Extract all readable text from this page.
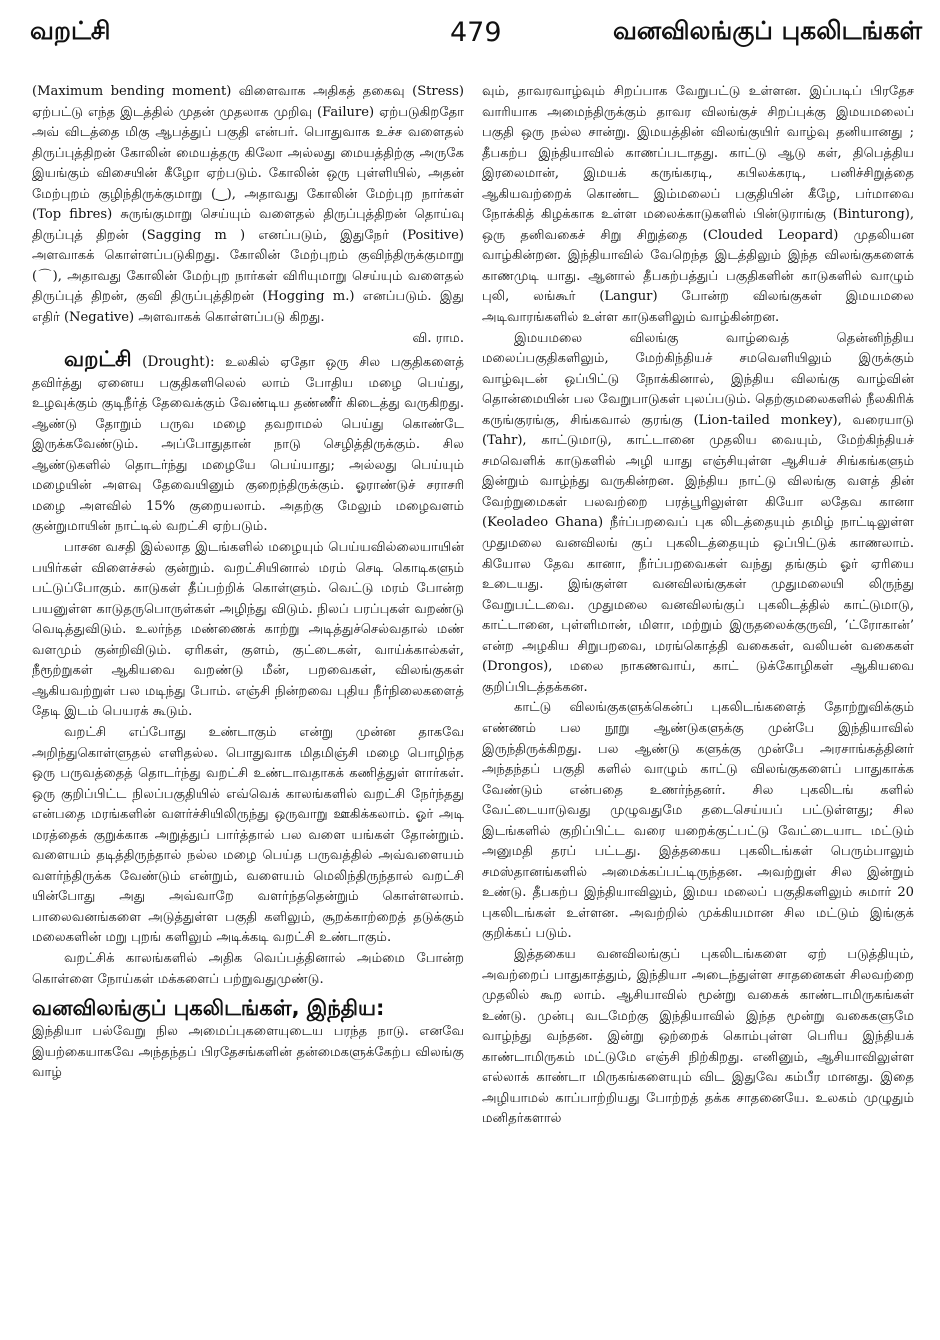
வறட்சி	479	வனவிலங்குப் புகலிடங்கள்

(Maximum bending moment) விளைவாக அதிகத் தகைவு (Stress) ஏற்பட்டு எந்த இடத்தில் முதன் முதலாக முறிவு (Failure) ஏற்படுகிறதோ அவ் விடத்தை மிகு ஆபத்துப் பகுதி என்பர். பொதுவாக உச்ச வளைதல் திருப்புத்திறன் கோலின் மையத்தரு கிலோ அல்லது மையத்திற்கு அருகே இயங்கும் விசையின் கீழோ ஏற்படும். கோலின் ஒரு புள்ளியில், அதன் மேற்புறம் குழிந்திருக்குமாறு (‿), அதாவது கோலின் மேற்புற நார்கள் (Top fibres) சுருங்குமாறு செய்யும் வளைதல் திருப்புத்திறன் தொய்வு திருப்புத் திறன் (Sagging m ) எனப்படும், இதுநேர் (Positive) அளவாகக் கொள்ளப்படுகிறது. கோலின் மேற்புறம் குவிந்திருக்குமாறு (⌒), அதாவது கோலின் மேற்புற நார்கள் விரியுமாறு செய்யும் வளைதல் திருப்புத் திறன், குவி திருப்புத்திறன் (Hogging m.) எனப்படும். இது எதிர் (Negative) அளவாகக் கொள்ளப்படு கிறது.

வி. ராம.

வறட்சி (Drought): உலகில் ஏதோ ஒரு சில பகுதிகளைத் தவிர்த்து ஏனைய பகுதிகளிலெல் லாம் போதிய மழை பெய்து, உழவுக்கும் குடிநீர்த் தேவைக்கும் வேண்டிய தண்ணீர் கிடைத்து வருகிறது. ஆண்டு தோறும் பருவ மழை தவறாமல் பெய்து கொண்டே இருக்கவேண்டும். அப்போதுதான் நாடு செழித்திருக்கும். சில ஆண்டுகளில் தொடர்ந்து மழையே பெய்யாது; அல்லது பெய்யும் மழையின் அளவு தேவையினும் குறைந்திருக்கும். ஓராண்டுச் சராசரி மழை அளவில் 15% குறையலாம். அதற்கு மேலும் மழைவளம் குன்றுமாயின் நாட்டில் வறட்சி ஏற்படும்.

பாசன வசதி இல்லாத இடங்களில் மழையும் பெய்யவில்லையாயின் பயிர்கள் விளைச்சல் குன்றும். வறட்சியினால் மரம் செடி கொடிகளும் பட்டுப்போகும். காடுகள் தீப்பற்றிக் கொள்ளும். வெட்டு மரம் போன்ற பயனுள்ள காடுதருபொருள்கள் அழிந்து விடும். நிலப் பரப்புகள் வறண்டு வெடித்துவிடும். உலர்ந்த மண்ணைக் காற்று அடித்துச்செல்வதால் மண் வளமும் குன்றிவிடும். ஏரிகள், குளம், குட்டைகள், வாய்க்கால்கள், நீரூற்றுகள் ஆகியவை வறண்டு மீன், பறவைகள், விலங்குகள் ஆகியவற்றுள் பல மடிந்து போம். எஞ்சி நின்றவை புதிய நீர்நிலைகளைத் தேடி இடம் பெயரக் கூடும்.

வறட்சி எப்போது உண்டாகும் என்று முன்ன தாகவே அறிந்துகொள்ளுதல் எளிதல்ல. பொதுவாக மிதமிஞ்சி மழை பொழிந்த ஒரு பருவத்தைத் தொடர்ந்து வறட்சி உண்டாவதாகக் கணித்துள் ளார்கள். ஒரு குறிப்பிட்ட நிலப்பகுதியில் எவ்வெக் காலங்களில் வறட்சி நேர்ந்தது என்பதை மரங்களின் வளர்ச்சியிலிருந்து ஒருவாறு ஊகிக்கலாம். ஓர் அடி மரத்தைக் குறுக்காக அறுத்துப் பார்த்தால் பல வளை யங்கள் தோன்றும். வளையம் தடித்திருந்தால் நல்ல மழை பெய்த பருவத்தில் அவ்வளையம் வளர்ந்திருக்க வேண்டும் என்றும், வளையம் மெலிந்திருந்தால் வறட்சி யின்போது அது அவ்வாறே வளர்ந்ததென்றும் கொள்ளலாம். பாலைவனங்களை அடுத்துள்ள பகுதி களிலும், சூறக்காற்றைத் தடுக்கும் மலைகளின் மறு புறங் களிலும் அடிக்கடி வறட்சி உண்டாகும்.

வறட்சிக் காலங்களில் அதிக வெப்பத்தினால் அம்மை போன்ற கொள்ளை நோய்கள் மக்களைப் பற்றுவதுமுண்டு.

வனவிலங்குப் புகலிடங்கள், இந்திய:

இந்தியா பல்வேறு நில அமைப்புகளையுடைய பரந்த நாடு. எனவே இயற்கையாகவே அந்தந்தப் பிரதேசங்களின் தன்மைகளுக்கேற்ப விலங்கு வாழ்

வும், தாவரவாழ்வும் சிறப்பாக வேறுபட்டு உள்ளன. இப்படிப் பிரதேச வாரியாக அமைந்திருக்கும் தாவர விலங்குச் சிறப்புக்கு இமயமலைப் பகுதி ஒரு நல்ல சான்று. இமயத்தின் விலங்குயிர் வாழ்வு தனியானது ; தீபகற்ப இந்தியாவில் காணப்படாதது. காட்டு ஆடு கள், திபெத்திய இரலைமான், இமயக் கருங்கரடி, கபிலக்கரடி, பனிச்சிறுத்தை ஆகியவற்றைக் கொண்ட இம்மலைப் பகுதியின் கீழே, பர்மாவை நோக்கித் கிழக்காக உள்ள மலைக்காடுகளில் பின்டுராங்கு (Binturong), ஒரு தனிவகைச் சிறு சிறுத்தை (Clouded Leopard) முதலியன வாழ்கின்றன. இந்தியாவில் வேறெந்த இடத்திலும் இந்த விலங்குகளைக் காணமுடி யாது. ஆனால் தீபகற்பத்துப் பகுதிகளின் காடுகளில் வாழும் புலி, லங்கூர் (Langur) போன்ற விலங்குகள் இமயமலை அடிவாரங்களில் உள்ள காடுகளிலும் வாழ்கின்றன.

இமயமலை விலங்கு வாழ்வைத் தென்னிந்திய மலைப்பகுதிகளிலும், மேற்கிந்தியச் சமவெளியிலும் இருக்கும் வாழ்வுடன் ஒப்பிட்டு நோக்கினால், இந்திய விலங்கு வாழ்வின் தொன்மையின் பல வேறுபாடுகள் புலப்படும். தெற்குமலைகளில் நீலகிரிக் கருங்குரங்கு, சிங்கவால் குரங்கு (Lion-tailed monkey), வரையாடு (Tahr), காட்டுமாடு, காட்டானை முதலிய வையும், மேற்கிந்தியச் சமவெளிக் காடுகளில் அழி யாது எஞ்சியுள்ள ஆசியச் சிங்கங்களும் இன்றும் வாழ்ந்து வருகின்றன. இந்திய நாட்டு விலங்கு வளத் தின் வேற்றுமைகள் பலவற்றை பரத்பூரிலுள்ள கியோ லதேவ கானா (Keoladeo Ghana) நீர்ப்பறவைப் புக லிடத்தையும் தமிழ் நாட்டிலுள்ள முதுமலை வனவிலங் குப் புகலிடத்தையும் ஒப்பிட்டுக் காணலாம். கியோல தேவ கானா, நீர்ப்பறவைகள் வந்து தங்கும் ஓர் ஏரியை உடையது. இங்குள்ள வனவிலங்குகள் முதுமலையி லிருந்து வேறுபட்டவை. முதுமலை வனவிலங்குப் புகலிடத்தில் காட்டுமாடு, காட்டானை, புள்ளிமான், மிளா, மற்றும் இருதலைக்குருவி, ‘ட்ரோகான்’ என்ற அழகிய சிறுபறவை, மரங்கொத்தி வகைகள், வலியன் வகைகள் (Drongos), மலை நாகணவாய், காட் டுக்கோழிகள் ஆகியவை குறிப்பிடத்தக்கன.

காட்டு விலங்குகளுக்கென்ப் புகலிடங்களைத் தோற்றுவிக்கும் எண்ணம் பல நூறு ஆண்டுகளுக்கு முன்பே இந்தியாவில் இருந்திருக்கிறது. பல ஆண்டு களுக்கு முன்பே அரசாங்கத்தினர் அந்தந்தப் பகுதி களில் வாழும் காட்டு விலங்குகளைப் பாதுகாக்க வேண்டும் என்பதை உணர்ந்தனர். சில புகலிடங் களில் வேட்டையாடுவது முழுவதுமே தடைசெய்யப் பட்டுள்ளது; சில இடங்களில் குறிப்பிட்ட வரை யறைக்குட்பட்டு வேட்டையாட மட்டும் அனுமதி தரப் பட்டது. இத்தகைய புகலிடங்கள் பெரும்பாலும் சமஸ்தானங்களில் அமைக்கப்பட்டிருந்தன. அவற்றுள் சில இன்றும் உண்டு. தீபகற்ப இந்தியாவிலும், இமய மலைப் பகுதிகளிலும் சுமார் 20 புகலிடங்கள் உள்ளன. அவற்றில் முக்கியமான சில மட்டும் இங்குக் குறிக்கப் படும்.

இத்தகைய வனவிலங்குப் புகலிடங்களை ஏற் படுத்தியும், அவற்றைப் பாதுகாத்தும், இந்தியா அடைந்துள்ள சாதனைகள் சிலவற்றை முதலில் கூற லாம். ஆசியாவில் மூன்று வகைக் காண்டாமிருகங்கள் உண்டு. முன்பு வடமேற்கு இந்தியாவில் இந்த மூன்று வகைகளுமே வாழ்ந்து வந்தன. இன்று ஒற்றைக் கொம்புள்ள பெரிய இந்தியக் காண்டாமிருகம் மட்டுமே எஞ்சி நிற்கிறது. எனினும், ஆசியாவிலுள்ள எல்லாக் காண்டா மிருகங்களையும் விட இதுவே கம்பீர மானது. இதை அழியாமல் காப்பாற்றியது போற்றத் தக்க சாதனையே. உலகம் முழுதும் மனிதர்களால்
